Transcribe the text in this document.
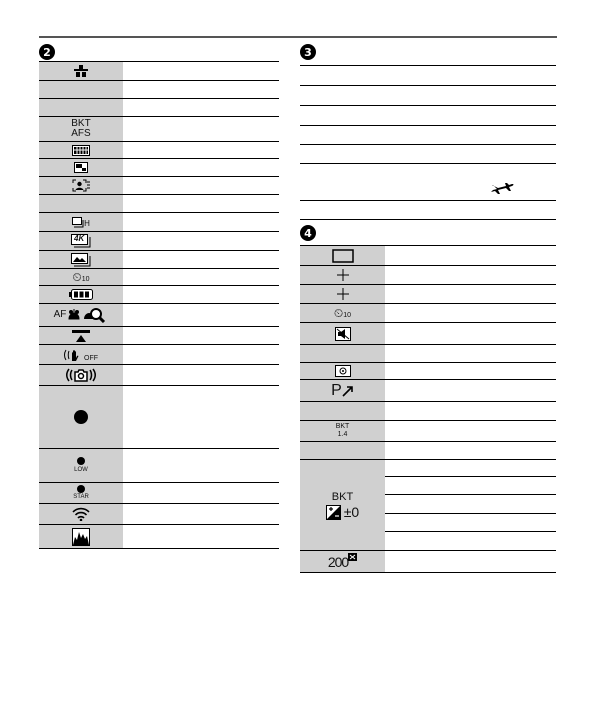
2
BKT
AFS
H
4K
⏲ 10
AF
OFF
LOW
STAR
3
4
⏲ 10
P
BKT
1.4
BKT
±0
200
